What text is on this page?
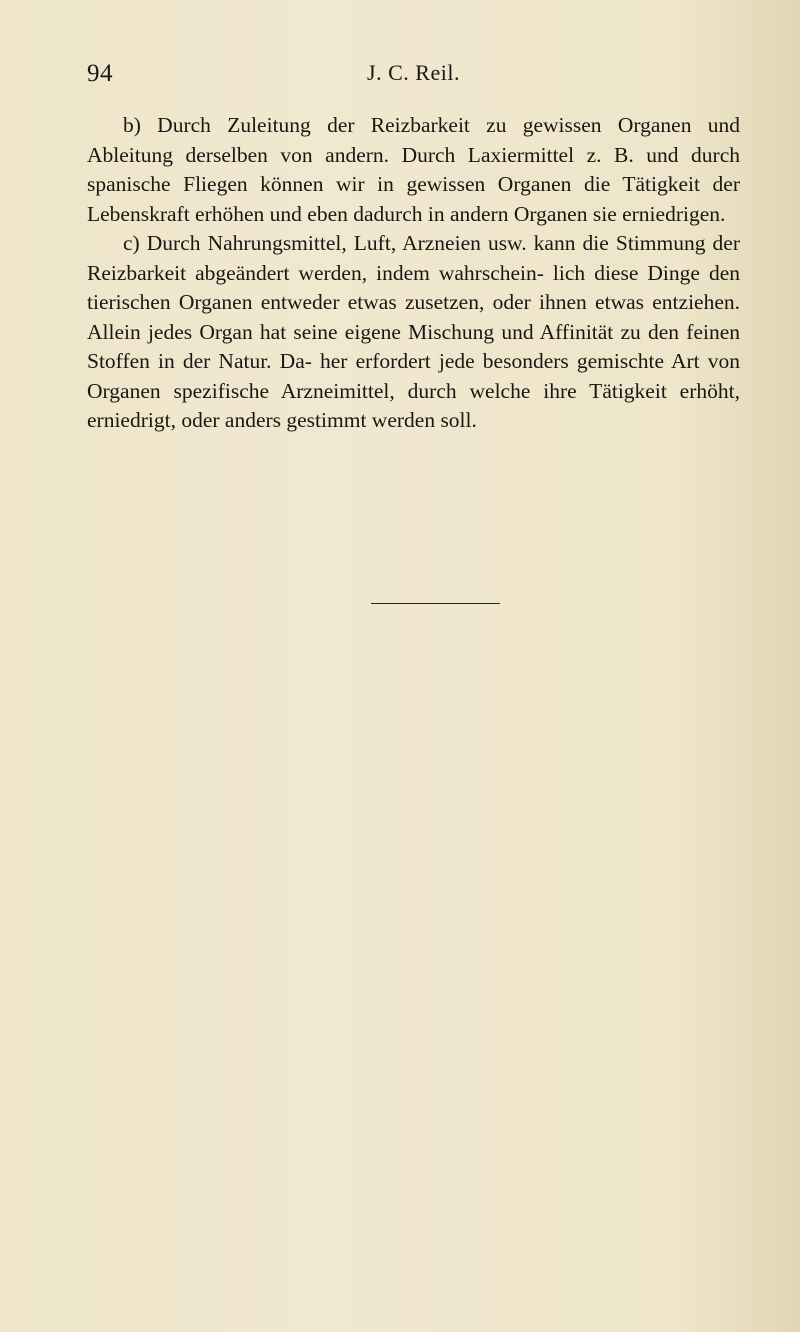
94	J. C. Reil.

b) Durch Zuleitung der Reizbarkeit zu gewissen Organen und Ableitung derselben von andern. Durch Laxiermittel z. B. und durch spanische Fliegen können wir in gewissen Organen die Tätigkeit der Lebenskraft erhöhen und eben dadurch in andern Organen sie erniedrigen.

c) Durch Nahrungsmittel, Luft, Arzneien usw. kann die Stimmung der Reizbarkeit abgeändert werden, indem wahrschein- lich diese Dinge den tierischen Organen entweder etwas zusetzen, oder ihnen etwas entziehen. Allein jedes Organ hat seine eigene Mischung und Affinität zu den feinen Stoffen in der Natur. Da- her erfordert jede besonders gemischte Art von Organen spezifische Arzneimittel, durch welche ihre Tätigkeit erhöht, erniedrigt, oder anders gestimmt werden soll.
